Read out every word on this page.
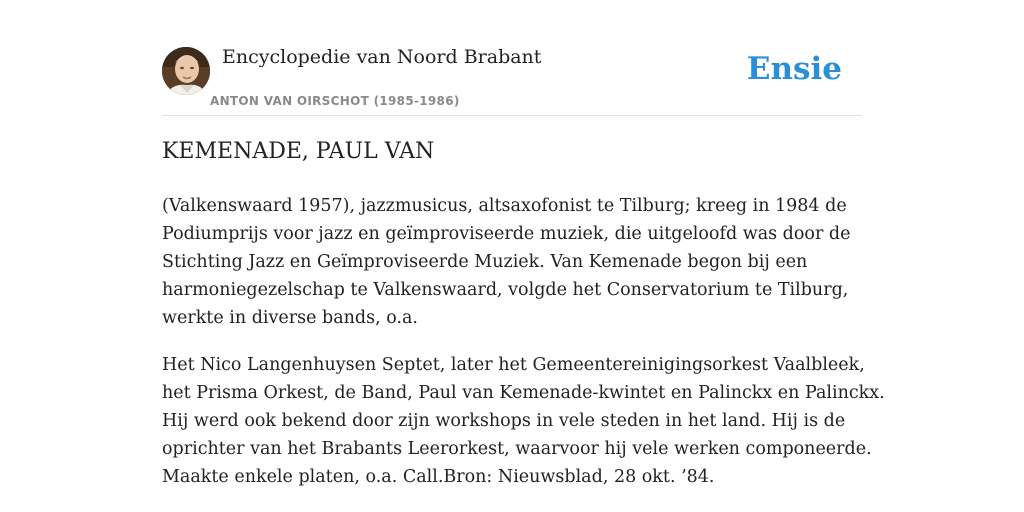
Encyclopedie van Noord Brabant
ANTON VAN OIRSCHOT (1985-1986)
Ensie
KEMENADE, PAUL VAN

(Valkenswaard 1957), jazzmusicus, altsaxofonist te Tilburg; kreeg in 1984 de
Podiumprijs voor jazz en geïmproviseerde muziek, die uitgeloofd was door de
Stichting Jazz en Geïmproviseerde Muziek. Van Kemenade begon bij een
harmoniegezelschap te Valkenswaard, volgde het Conservatorium te Tilburg,
werkte in diverse bands, o.a.

Het Nico Langenhuysen Septet, later het Gemeentereinigingsorkest Vaalbleek,
het Prisma Orkest, de Band, Paul van Kemenade-kwintet en Palinckx en Palinckx.
Hij werd ook bekend door zijn workshops in vele steden in het land. Hij is de
oprichter van het Brabants Leerorkest, waarvoor hij vele werken componeerde.
Maakte enkele platen, o.a. Call.Bron: Nieuwsblad, 28 okt. ’84.
